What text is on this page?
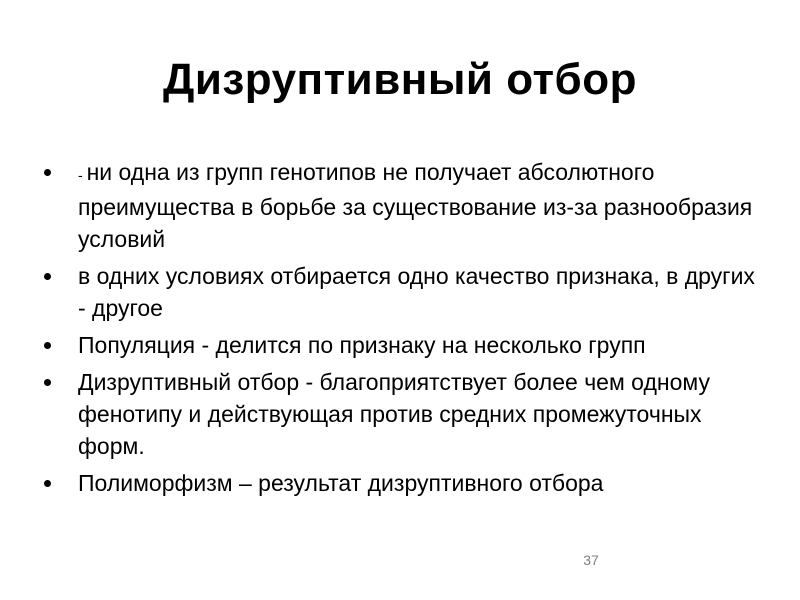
Дизруптивный отбор
- ни одна из групп генотипов не получает абсолютного преимущества в борьбе за существование из-за разнообразия условий
в одних условиях отбирается одно качество признака, в других - другое
Популяция - делится по признаку на несколько групп
Дизруптивный отбор - благоприятствует более чем одному фенотипу и действующая против средних промежуточных форм.
Полиморфизм – результат дизруптивного отбора
37
